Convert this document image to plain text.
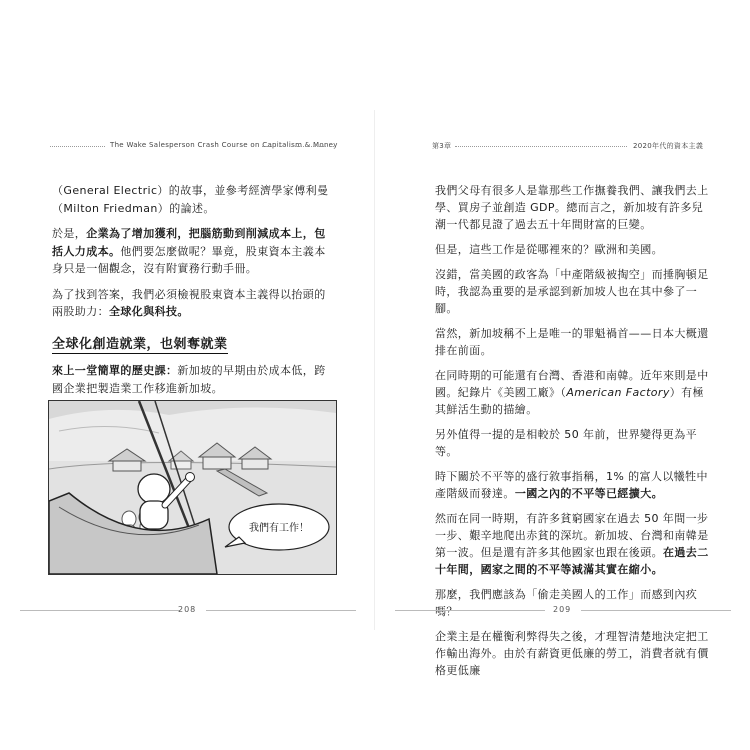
The Wake Salesperson Crash Course on Capitalism & Money

（General Electric）的故事，並參考經濟學家傅利曼（Milton Friedman）的論述。

於是，企業為了增加獲利，把腦筋動到削減成本上，包括人力成本。他們要怎麼做呢？畢竟，股東資本主義本身只是一個觀念，沒有附實務行動手冊。

為了找到答案，我們必須檢視股東資本主義得以抬頭的兩股助力：全球化與科技。

全球化創造就業，也剝奪就業

來上一堂簡單的歷史課：新加坡的早期由於成本低，跨國企業把製造業工作移進新加坡。

我們有工作！
208
第3章	2020年代的資本主義

我們父母有很多人是靠那些工作撫養我們、讓我們去上學、買房子並創造 GDP。總而言之，新加坡有許多兒潮一代都見證了過去五十年間財富的巨變。

但是，這些工作是從哪裡來的？歐洲和美國。

沒錯，當美國的政客為「中產階級被掏空」而捶胸頓足時，我認為重要的是承認到新加坡人也在其中參了一腳。

當然，新加坡稱不上是唯一的罪魁禍首——日本大概還排在前面。

在同時期的可能還有台灣、香港和南韓。近年來則是中國。紀錄片《美國工廠》（American Factory）有極其鮮活生動的描繪。

另外值得一提的是相較於 50 年前，世界變得更為平等。

時下關於不平等的盛行敘事指稱，1% 的富人以犧牲中產階級而發達。一國之內的不平等已經擴大。

然而在同一時期，有許多貧窮國家在過去 50 年間一步一步、艱辛地爬出赤貧的深坑。新加坡、台灣和南韓是第一波。但是還有許多其他國家也跟在後頭。在過去二十年間，國家之間的不平等減滿其實在縮小。

那麼，我們應該為「偷走美國人的工作」而感到內疚嗎？

企業主是在權衡利弊得失之後，才理智清楚地決定把工作輸出海外。由於有薪資更低廉的勞工，消費者就有價格更低廉

209
